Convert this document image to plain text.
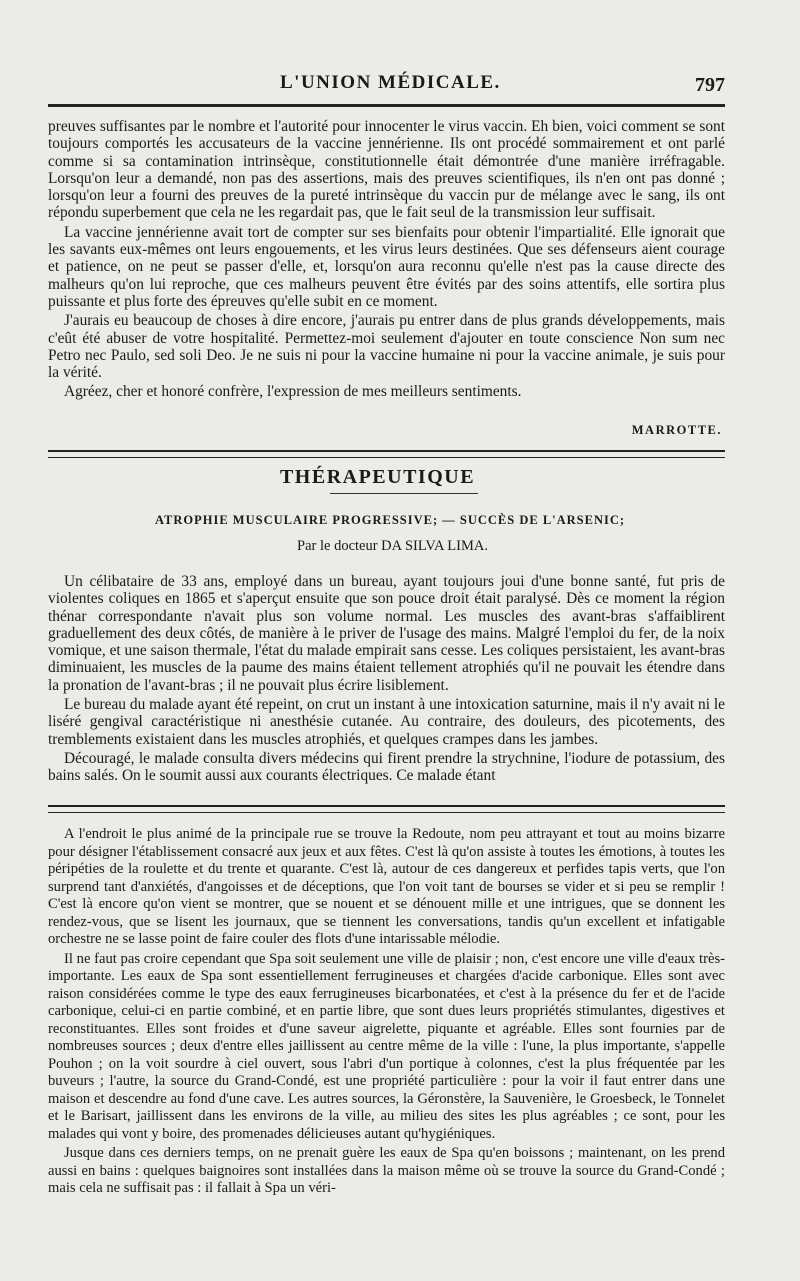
L'UNION MÉDICALE.	797

preuves suffisantes par le nombre et l'autorité pour innocenter le virus vaccin. Eh bien, voici comment se sont toujours comportés les accusateurs de la vaccine jennérienne. Ils ont procédé sommairement et ont parlé comme si sa contamination intrinsèque, constitutionnelle était démontrée d'une manière irréfragable. Lorsqu'on leur a demandé, non pas des assertions, mais des preuves scientifiques, ils n'en ont pas donné ; lorsqu'on leur a fourni des preuves de la pureté intrinsèque du vaccin pur de mélange avec le sang, ils ont répondu superbement que cela ne les regardait pas, que le fait seul de la transmission leur suffisait.

La vaccine jennérienne avait tort de compter sur ses bienfaits pour obtenir l'impartialité. Elle ignorait que les savants eux-mêmes ont leurs engouements, et les virus leurs destinées. Que ses défenseurs aient courage et patience, on ne peut se passer d'elle, et, lorsqu'on aura reconnu qu'elle n'est pas la cause directe des malheurs qu'on lui reproche, que ces malheurs peuvent être évités par des soins attentifs, elle sortira plus puissante et plus forte des épreuves qu'elle subit en ce moment.

J'aurais eu beaucoup de choses à dire encore, j'aurais pu entrer dans de plus grands développements, mais c'eût été abuser de votre hospitalité. Permettez-moi seulement d'ajouter en toute conscience Non sum nec Petro nec Paulo, sed soli Deo. Je ne suis ni pour la vaccine humaine ni pour la vaccine animale, je suis pour la vérité.

Agréez, cher et honoré confrère, l'expression de mes meilleurs sentiments.

MARROTTE.
THÉRAPEUTIQUE
ATROPHIE MUSCULAIRE PROGRESSIVE; — SUCCÈS DE L'ARSENIC;
Par le docteur DA SILVA LIMA.

Un célibataire de 33 ans, employé dans un bureau, ayant toujours joui d'une bonne santé, fut pris de violentes coliques en 1865 et s'aperçut ensuite que son pouce droit était paralysé. Dès ce moment la région thénar correspondante n'avait plus son volume normal. Les muscles des avant-bras s'affaiblirent graduellement des deux côtés, de manière à le priver de l'usage des mains. Malgré l'emploi du fer, de la noix vomique, et une saison thermale, l'état du malade empirait sans cesse. Les coliques persistaient, les avant-bras diminuaient, les muscles de la paume des mains étaient tellement atrophiés qu'il ne pouvait les étendre dans la pronation de l'avant-bras ; il ne pouvait plus écrire lisiblement.

Le bureau du malade ayant été repeint, on crut un instant à une intoxication saturnine, mais il n'y avait ni le liséré gengival caractéristique ni anesthésie cutanée. Au contraire, des douleurs, des picotements, des tremblements existaient dans les muscles atrophiés, et quelques crampes dans les jambes.

Découragé, le malade consulta divers médecins qui firent prendre la strychnine, l'iodure de potassium, des bains salés. On le soumit aussi aux courants électriques. Ce malade étant

A l'endroit le plus animé de la principale rue se trouve la Redoute, nom peu attrayant et tout au moins bizarre pour désigner l'établissement consacré aux jeux et aux fêtes. C'est là qu'on assiste à toutes les émotions, à toutes les péripéties de la roulette et du trente et quarante. C'est là, autour de ces dangereux et perfides tapis verts, que l'on surprend tant d'anxiétés, d'angoisses et de déceptions, que l'on voit tant de bourses se vider et si peu se remplir ! C'est là encore qu'on vient se montrer, que se nouent et se dénouent mille et une intrigues, que se donnent les rendez-vous, que se lisent les journaux, que se tiennent les conversations, tandis qu'un excellent et infatigable orchestre ne se lasse point de faire couler des flots d'une intarissable mélodie.

Il ne faut pas croire cependant que Spa soit seulement une ville de plaisir ; non, c'est encore une ville d'eaux très-importante. Les eaux de Spa sont essentiellement ferrugineuses et chargées d'acide carbonique. Elles sont avec raison considérées comme le type des eaux ferrugineuses bicarbonatées, et c'est à la présence du fer et de l'acide carbonique, celui-ci en partie combiné, et en partie libre, que sont dues leurs propriétés stimulantes, digestives et reconstituantes. Elles sont froides et d'une saveur aigrelette, piquante et agréable. Elles sont fournies par de nombreuses sources ; deux d'entre elles jaillissent au centre même de la ville : l'une, la plus importante, s'appelle Pouhon ; on la voit sourdre à ciel ouvert, sous l'abri d'un portique à colonnes, c'est la plus fréquentée par les buveurs ; l'autre, la source du Grand-Condé, est une propriété particulière : pour la voir il faut entrer dans une maison et descendre au fond d'une cave. Les autres sources, la Géronstère, la Sauvenière, le Groesbeck, le Tonnelet et le Barisart, jaillissent dans les environs de la ville, au milieu des sites les plus agréables ; ce sont, pour les malades qui vont y boire, des promenades délicieuses autant qu'hygiéniques.

Jusque dans ces derniers temps, on ne prenait guère les eaux de Spa qu'en boissons ; maintenant, on les prend aussi en bains : quelques baignoires sont installées dans la maison même où se trouve la source du Grand-Condé ; mais cela ne suffisait pas : il fallait à Spa un véri-
